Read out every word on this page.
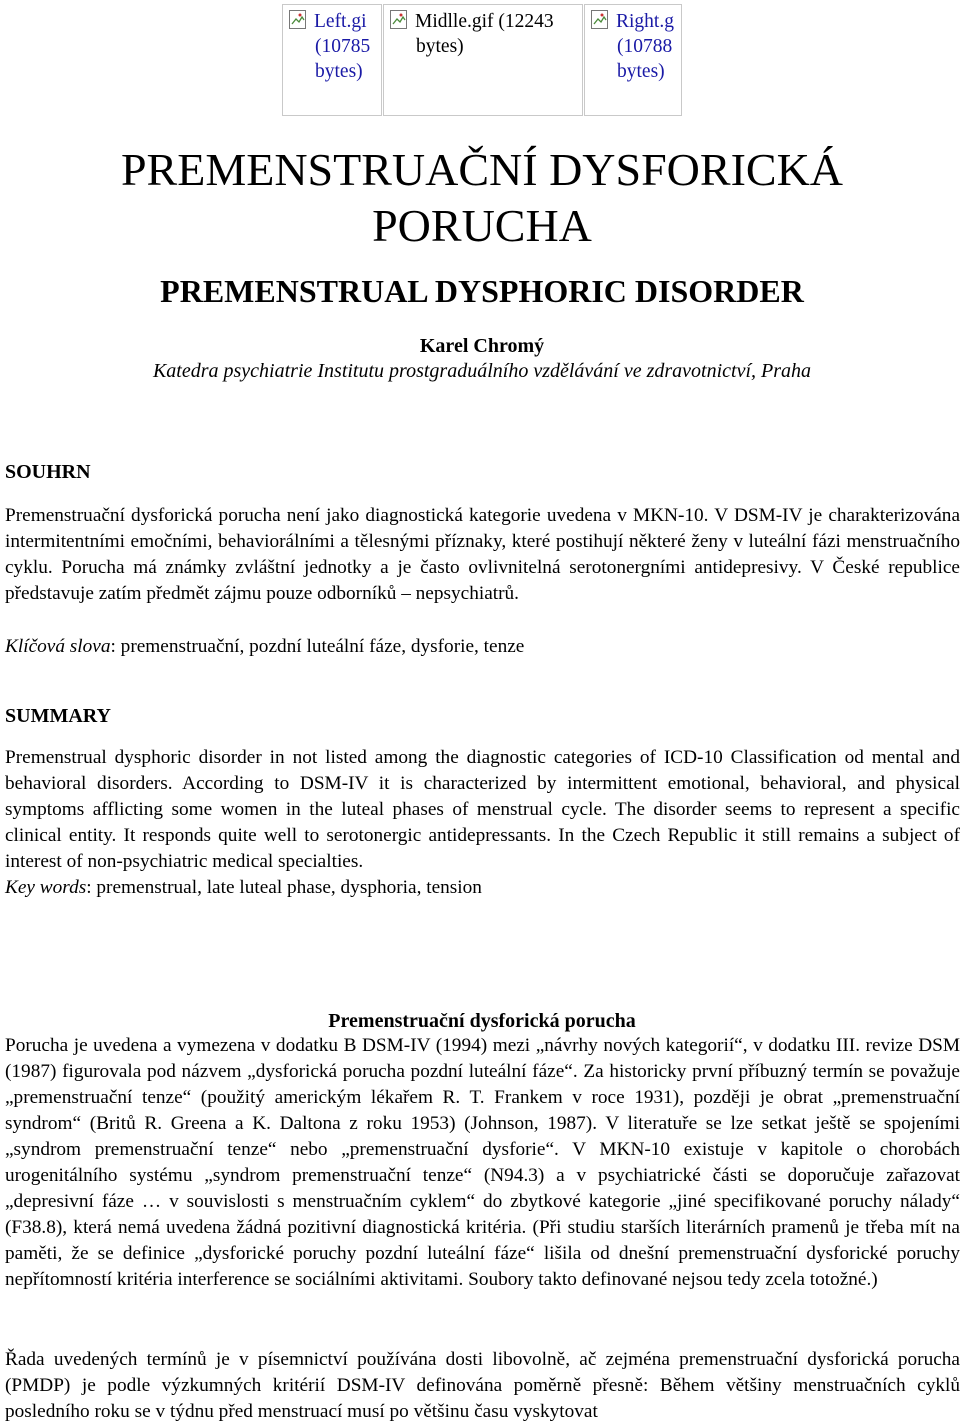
Left.gi
(10785
bytes)
Midlle.gif (12243
bytes)
Right.g
(10788
bytes)
PREMENSTRUAČNÍ DYSFORICKÁ
PORUCHA
PREMENSTRUAL DYSPHORIC DISORDER
Karel Chromý
Katedra psychiatrie Institutu prostgraduálního vzdělávání ve zdravotnictví, Praha
SOUHRN

Premenstruační dysforická porucha není jako diagnostická kategorie uvedena v MKN-10. V DSM-IV je charakterizována intermitentními emočními, behaviorálními a tělesnými příznaky, které postihují některé ženy v luteální fázi menstruačního cyklu. Porucha má známky zvláštní jednotky a je často ovlivnitelná serotonergními antidepresivy. V České republice představuje zatím předmět zájmu pouze odborníků – nepsychiatrů.

Klíčová slova: premenstruační, pozdní luteální fáze, dysforie, tenze
SUMMARY

Premenstrual dysphoric disorder in not listed among the diagnostic categories of ICD-10 Classification od mental and behavioral disorders. According to DSM-IV it is characterized by intermittent emotional, behavioral, and physical symptoms afflicting some women in the luteal phases of menstrual cycle. The disorder seems to represent a specific clinical entity. It responds quite well to serotonergic antidepressants. In the Czech Republic it still remains a subject of interest of non-psychiatric medical specialties.

Key words: premenstrual, late luteal phase, dysphoria, tension
Premenstruační dysforická porucha

Porucha je uvedena a vymezena v dodatku B DSM-IV (1994) mezi „návrhy nových kategorií“, v dodatku III. revize DSM (1987) figurovala pod názvem „dysforická porucha pozdní luteální fáze“. Za historicky první příbuzný termín se považuje „premenstruační tenze“ (použitý americkým lékařem R. T. Frankem v roce 1931), později je obrat „premenstruační syndrom“ (Britů R. Greena a K. Daltona z roku 1953) (Johnson, 1987). V literatuře se lze setkat ještě se spojeními „syndrom premenstruační tenze“ nebo „premenstruační dysforie“. V MKN-10 existuje v kapitole o chorobách urogenitálního systému „syndrom premenstruační tenze“ (N94.3) a v psychiatrické části se doporučuje zařazovat „depresivní fáze … v souvislosti s menstruačním cyklem“ do zbytkové kategorie „jiné specifikované poruchy nálady“ (F38.8), která nemá uvedena žádná pozitivní diagnostická kritéria. (Při studiu starších literárních pramenů je třeba mít na paměti, že se definice „dysforické poruchy pozdní luteální fáze“ lišila od dnešní premenstruační dysforické poruchy nepřítomností kritéria interference se sociálními aktivitami. Soubory takto definované nejsou tedy zcela totožné.)

Řada uvedených termínů je v písemnictví používána dosti libovolně, ač zejména premenstruační dysforická porucha (PMDP) je podle výzkumných kritérií DSM-IV definována poměrně přesně: Během většiny menstruačních cyklů posledního roku se v týdnu před menstruací musí po většinu času vyskytovat
